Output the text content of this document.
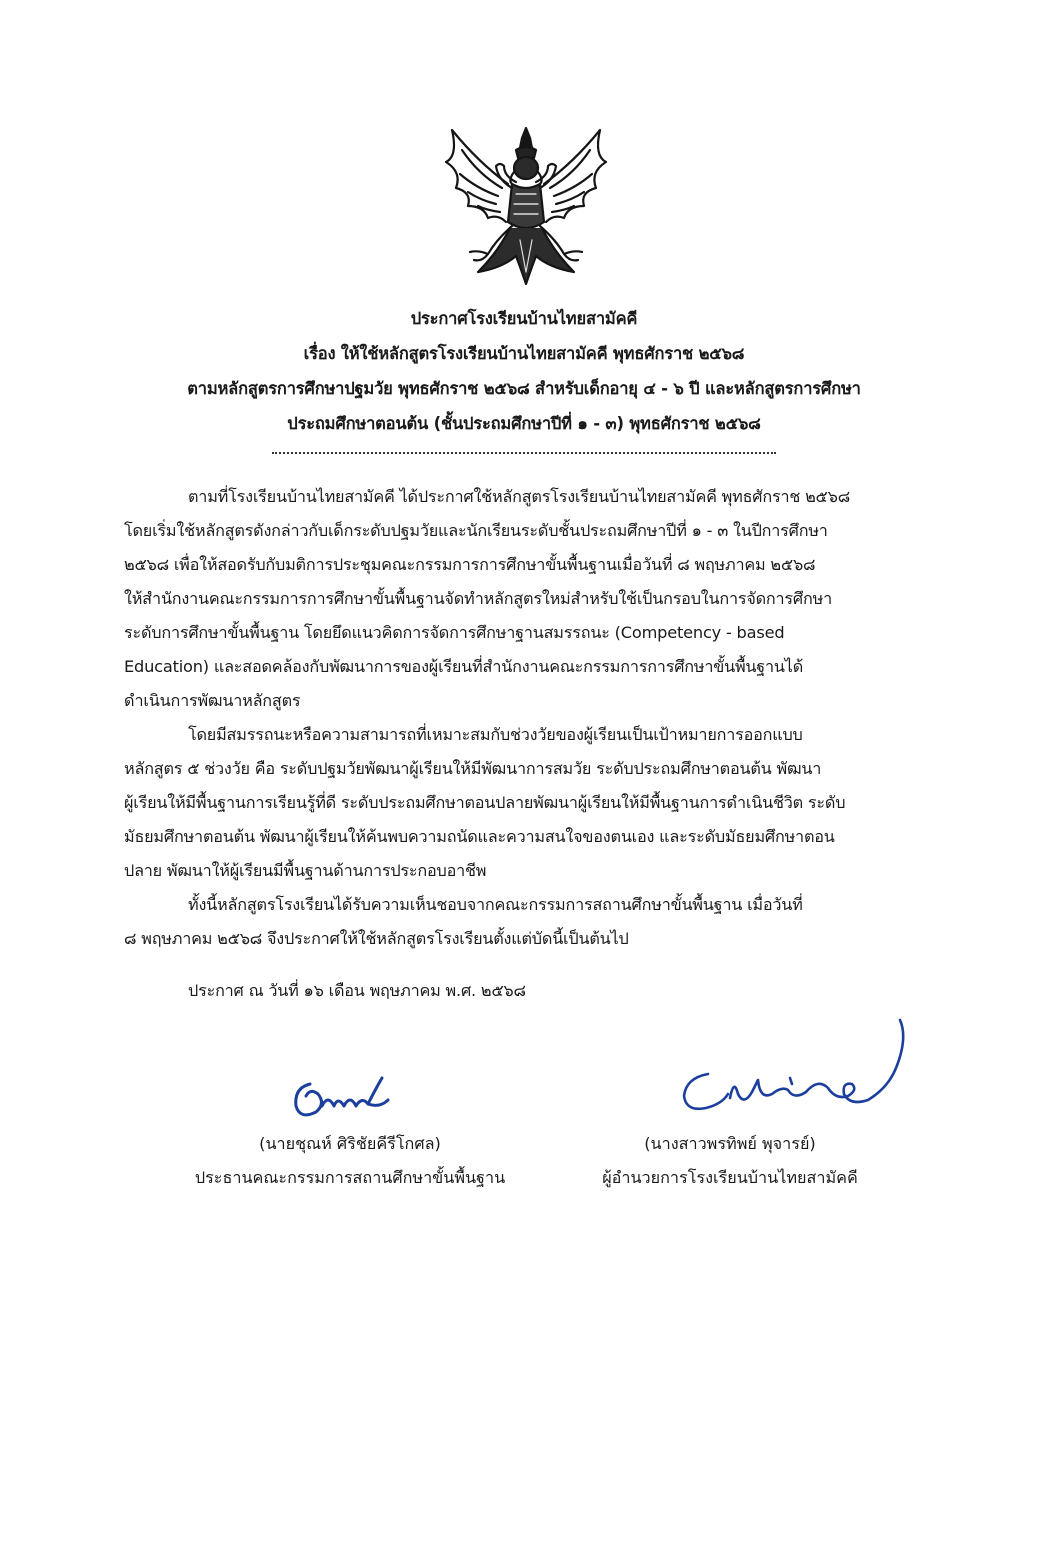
ประกาศโรงเรียนบ้านไทยสามัคคี
เรื่อง ให้ใช้หลักสูตรโรงเรียนบ้านไทยสามัคคี พุทธศักราช ๒๕๖๘
ตามหลักสูตรการศึกษาปฐมวัย พุทธศักราช ๒๕๖๘ สำหรับเด็กอายุ ๔ - ๖ ปี และหลักสูตรการศึกษา
ประถมศึกษาตอนต้น (ชั้นประถมศึกษาปีที่ ๑ - ๓) พุทธศักราช ๒๕๖๘
ตามที่โรงเรียนบ้านไทยสามัคคี ได้ประกาศใช้หลักสูตรโรงเรียนบ้านไทยสามัคคี พุทธศักราช ๒๕๖๘
โดยเริ่มใช้หลักสูตรดังกล่าวกับเด็กระดับปฐมวัยและนักเรียนระดับชั้นประถมศึกษาปีที่ ๑ - ๓ ในปีการศึกษา
๒๕๖๘ เพื่อให้สอดรับกับมติการประชุมคณะกรรมการการศึกษาขั้นพื้นฐานเมื่อวันที่ ๘ พฤษภาคม ๒๕๖๘
ให้สำนักงานคณะกรรมการการศึกษาขั้นพื้นฐานจัดทำหลักสูตรใหม่สำหรับใช้เป็นกรอบในการจัดการศึกษา
ระดับการศึกษาขั้นพื้นฐาน โดยยึดแนวคิดการจัดการศึกษาฐานสมรรถนะ (Competency - based
Education) และสอดคล้องกับพัฒนาการของผู้เรียนที่สำนักงานคณะกรรมการการศึกษาขั้นพื้นฐานได้
ดำเนินการพัฒนาหลักสูตร
โดยมีสมรรถนะหรือความสามารถที่เหมาะสมกับช่วงวัยของผู้เรียนเป็นเป้าหมายการออกแบบ
หลักสูตร ๕ ช่วงวัย คือ ระดับปฐมวัยพัฒนาผู้เรียนให้มีพัฒนาการสมวัย ระดับประถมศึกษาตอนต้น พัฒนา
ผู้เรียนให้มีพื้นฐานการเรียนรู้ที่ดี ระดับประถมศึกษาตอนปลายพัฒนาผู้เรียนให้มีพื้นฐานการดำเนินชีวิต ระดับ
มัธยมศึกษาตอนต้น พัฒนาผู้เรียนให้ค้นพบความถนัดและความสนใจของตนเอง และระดับมัธยมศึกษาตอน
ปลาย พัฒนาให้ผู้เรียนมีพื้นฐานด้านการประกอบอาชีพ
ทั้งนี้หลักสูตรโรงเรียนได้รับความเห็นชอบจากคณะกรรมการสถานศึกษาขั้นพื้นฐาน เมื่อวันที่
๘ พฤษภาคม ๒๕๖๘ จึงประกาศให้ใช้หลักสูตรโรงเรียนตั้งแต่บัดนี้เป็นต้นไป
ประกาศ ณ วันที่ ๑๖ เดือน พฤษภาคม พ.ศ. ๒๕๖๘
(นายชุณห์ ศิริชัยคีรีโกศล)
ประธานคณะกรรมการสถานศึกษาขั้นพื้นฐาน
(นางสาวพรทิพย์ พุจารย์)
ผู้อำนวยการโรงเรียนบ้านไทยสามัคคี
